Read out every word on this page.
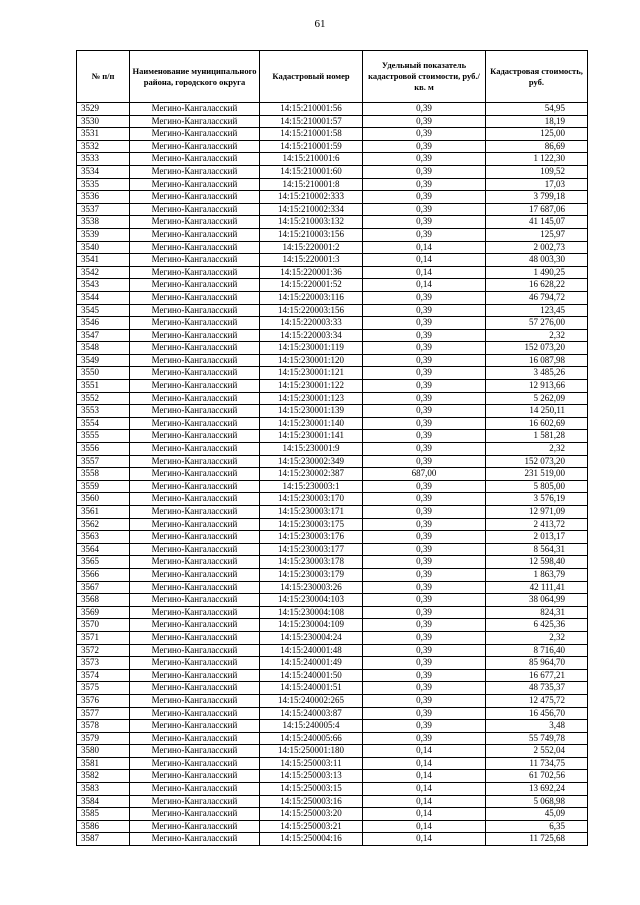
61
№ п/п	Наименование муниципального района, городского округа	Кадастровый номер	Удельный показатель кадастровой стоимости, руб./кв. м	Кадастровая стоимость, руб.
3529	Мегино-Кангаласский	14:15:210001:56	0,39	54,95
3530	Мегино-Кангаласский	14:15:210001:57	0,39	18,19
3531	Мегино-Кангаласский	14:15:210001:58	0,39	125,00
3532	Мегино-Кангаласский	14:15:210001:59	0,39	86,69
3533	Мегино-Кангаласский	14:15:210001:6	0,39	1 122,30
3534	Мегино-Кангаласский	14:15:210001:60	0,39	109,52
3535	Мегино-Кангаласский	14:15:210001:8	0,39	17,03
3536	Мегино-Кангаласский	14:15:210002:333	0,39	3 799,18
3537	Мегино-Кангаласский	14:15:210002:334	0,39	17 687,06
3538	Мегино-Кангаласский	14:15:210003:132	0,39	41 145,07
3539	Мегино-Кангаласский	14:15:210003:156	0,39	125,97
3540	Мегино-Кангаласский	14:15:220001:2	0,14	2 002,73
3541	Мегино-Кангаласский	14:15:220001:3	0,14	48 003,30
3542	Мегино-Кангаласский	14:15:220001:36	0,14	1 490,25
3543	Мегино-Кангаласский	14:15:220001:52	0,14	16 628,22
3544	Мегино-Кангаласский	14:15:220003:116	0,39	46 794,72
3545	Мегино-Кангаласский	14:15:220003:156	0,39	123,45
3546	Мегино-Кангаласский	14:15:220003:33	0,39	57 276,00
3547	Мегино-Кангаласский	14:15:220003:34	0,39	2,32
3548	Мегино-Кангаласский	14:15:230001:119	0,39	152 073,20
3549	Мегино-Кангаласский	14:15:230001:120	0,39	16 087,98
3550	Мегино-Кангаласский	14:15:230001:121	0,39	3 485,26
3551	Мегино-Кангаласский	14:15:230001:122	0,39	12 913,66
3552	Мегино-Кангаласский	14:15:230001:123	0,39	5 262,09
3553	Мегино-Кангаласский	14:15:230001:139	0,39	14 250,11
3554	Мегино-Кангаласский	14:15:230001:140	0,39	16 602,69
3555	Мегино-Кангаласский	14:15:230001:141	0,39	1 581,28
3556	Мегино-Кангаласский	14:15:230001:9	0,39	2,32
3557	Мегино-Кангаласский	14:15:230002:349	0,39	152 073,20
3558	Мегино-Кангаласский	14:15:230002:387	687,00	231 519,00
3559	Мегино-Кангаласский	14:15:230003:1	0,39	5 805,00
3560	Мегино-Кангаласский	14:15:230003:170	0,39	3 576,19
3561	Мегино-Кангаласский	14:15:230003:171	0,39	12 971,09
3562	Мегино-Кангаласский	14:15:230003:175	0,39	2 413,72
3563	Мегино-Кангаласский	14:15:230003:176	0,39	2 013,17
3564	Мегино-Кангаласский	14:15:230003:177	0,39	8 564,31
3565	Мегино-Кангаласский	14:15:230003:178	0,39	12 598,40
3566	Мегино-Кангаласский	14:15:230003:179	0,39	1 863,79
3567	Мегино-Кангаласский	14:15:230003:26	0,39	42 111,41
3568	Мегино-Кангаласский	14:15:230004:103	0,39	38 064,99
3569	Мегино-Кангаласский	14:15:230004:108	0,39	824,31
3570	Мегино-Кангаласский	14:15:230004:109	0,39	6 425,36
3571	Мегино-Кангаласский	14:15:230004:24	0,39	2,32
3572	Мегино-Кангаласский	14:15:240001:48	0,39	8 716,40
3573	Мегино-Кангаласский	14:15:240001:49	0,39	85 964,70
3574	Мегино-Кангаласский	14:15:240001:50	0,39	16 677,21
3575	Мегино-Кангаласский	14:15:240001:51	0,39	48 735,37
3576	Мегино-Кангаласский	14:15:240002:265	0,39	12 475,72
3577	Мегино-Кангаласский	14:15:240003:87	0,39	16 456,70
3578	Мегино-Кангаласский	14:15:240005:4	0,39	3,48
3579	Мегино-Кангаласский	14:15:240005:66	0,39	55 749,78
3580	Мегино-Кангаласский	14:15:250001:180	0,14	2 552,04
3581	Мегино-Кангаласский	14:15:250003:11	0,14	11 734,75
3582	Мегино-Кангаласский	14:15:250003:13	0,14	61 702,56
3583	Мегино-Кангаласский	14:15:250003:15	0,14	13 692,24
3584	Мегино-Кангаласский	14:15:250003:16	0,14	5 068,98
3585	Мегино-Кангаласский	14:15:250003:20	0,14	45,09
3586	Мегино-Кангаласский	14:15:250003:21	0,14	6,35
3587	Мегино-Кангаласский	14:15:250004:16	0,14	11 725,68
